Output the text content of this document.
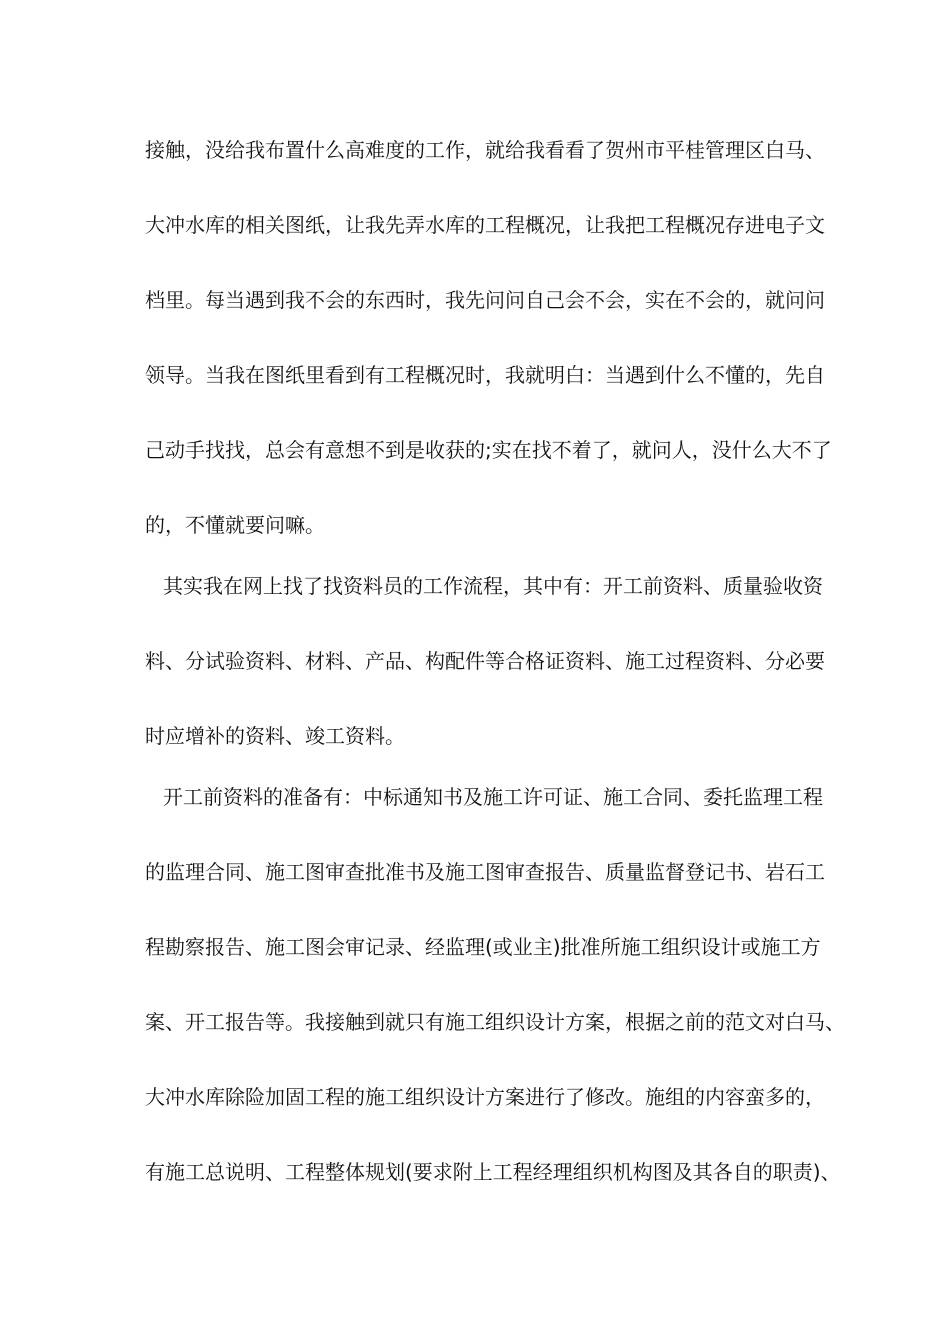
接触，没给我布置什么高难度的工作，就给我看看了贺州市平桂管理区白马、
大冲水库的相关图纸，让我先弄水库的工程概况，让我把工程概况存进电子文
档里。每当遇到我不会的东西时，我先问问自己会不会，实在不会的，就问问
领导。当我在图纸里看到有工程概况时，我就明白：当遇到什么不懂的，先自
己动手找找，总会有意想不到是收获的;实在找不着了，就问人，没什么大不了
的，不懂就要问嘛。
其实我在网上找了找资料员的工作流程，其中有：开工前资料、质量验收资
料、分试验资料、材料、产品、构配件等合格证资料、施工过程资料、分必要
时应增补的资料、竣工资料。
开工前资料的准备有：中标通知书及施工许可证、施工合同、委托监理工程
的监理合同、施工图审查批准书及施工图审查报告、质量监督登记书、岩石工
程勘察报告、施工图会审记录、经监理(或业主)批准所施工组织设计或施工方
案、开工报告等。我接触到就只有施工组织设计方案，根据之前的范文对白马、
大冲水库除险加固工程的施工组织设计方案进行了修改。施组的内容蛮多的，
有施工总说明、工程整体规划(要求附上工程经理组织机构图及其各自的职责)、
